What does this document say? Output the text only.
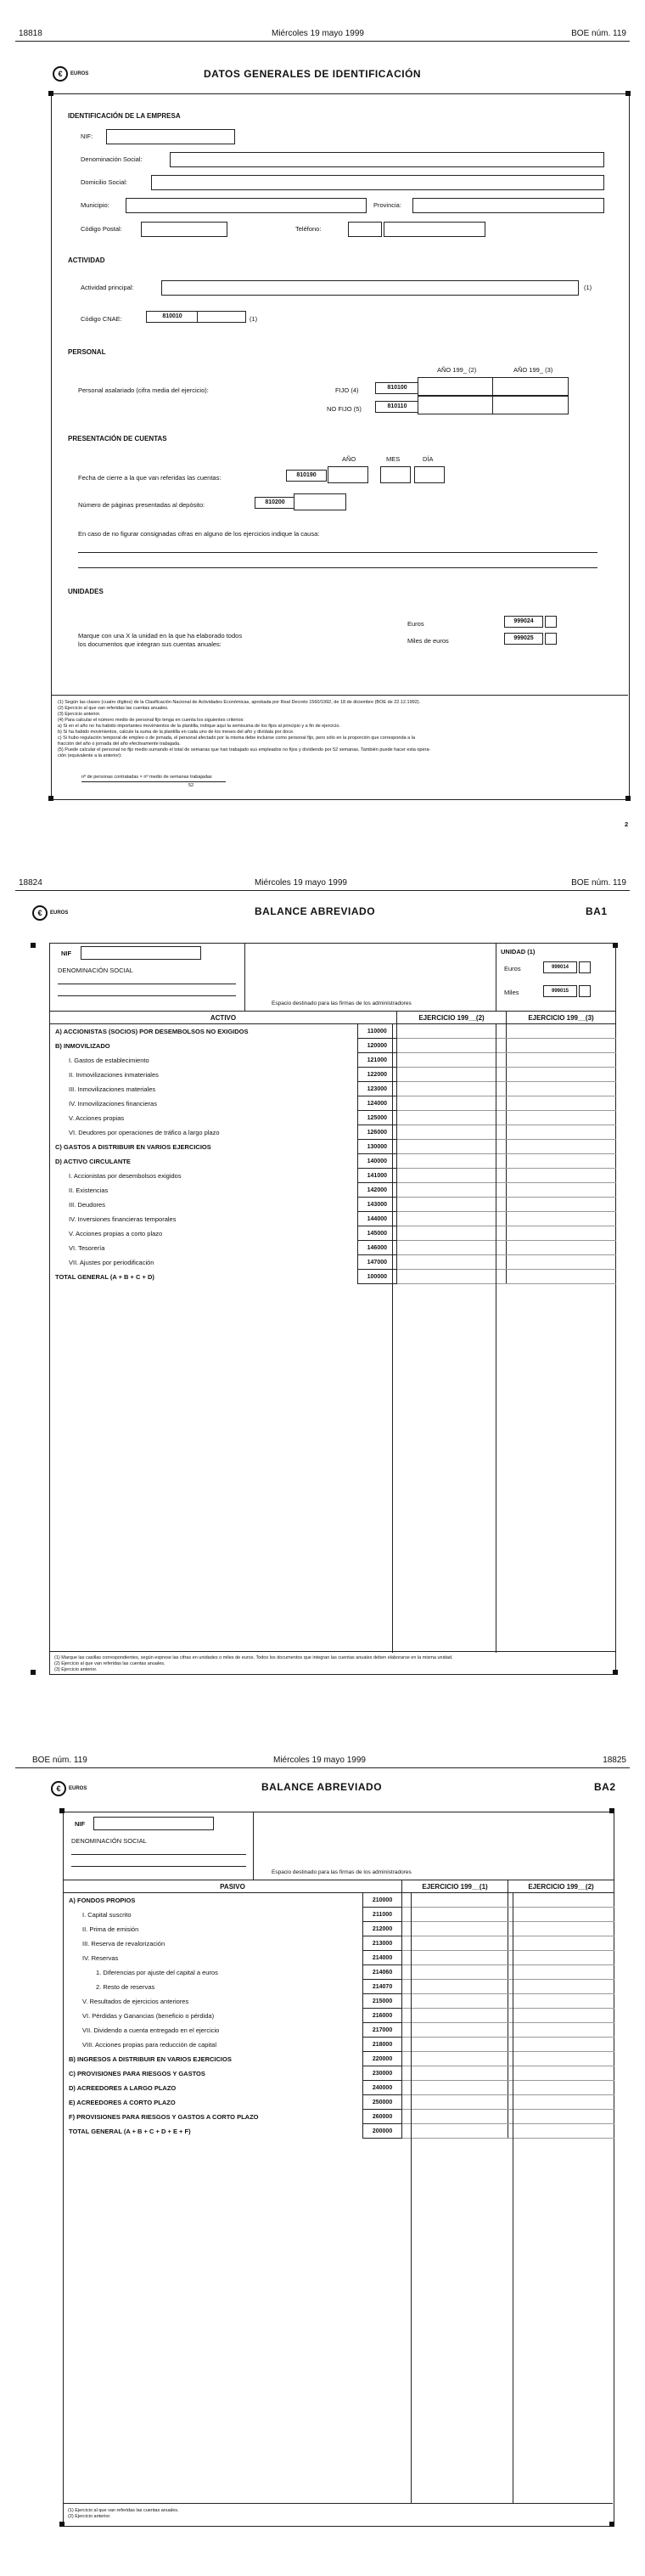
18818	Miércoles 19 mayo 1999	BOE núm. 119
€	EUROS	DATOS GENERALES DE IDENTIFICACIÓN
IDENTIFICACIÓN DE LA EMPRESA
NIF:
Denominación Social:
Domicilio Social:
Municipio:	Provincia:
Código Postal:	Teléfono:
ACTIVIDAD
Actividad principal:	(1)
Código CNAE:	810010	(1)
PERSONAL
AÑO 199_ (2)	AÑO 199_ (3)
Personal asalariado (cifra media del ejercicio):	FIJO (4)	810100
NO FIJO (5)	810110
PRESENTACIÓN DE CUENTAS
AÑO	MES	DÍA
Fecha de cierre a la que van referidas las cuentas:	810190
Número de páginas presentadas al depósito:	810200
En caso de no figurar consignadas cifras en alguno de los ejercicios indique la causa:
UNIDADES
Marque con una X la unidad en la que ha elaborado todos
los documentos que integran sus cuentas anuales:
Euros	999024
Miles de euros	999025
(1) Según las clases (cuatro dígitos) de la Clasificación Nacional de Actividades Económicas, aprobada por Real Decreto 1560/1992, de 18 de diciembre (BOE de 22.12.1992).
(2) Ejercicio al que van referidas las cuentas anuales.
(3) Ejercicio anterior.
(4) Para calcular el número medio de personal fijo tenga en cuenta los siguientes criterios:
a) Si en el año no ha habido importantes movimientos de la plantilla, indique aquí la semisuma de los fijos al principio y a fin de ejercicio.
b) Si ha habido movimientos, calcule la suma de la plantilla en cada uno de los meses del año y divídala por doce.
c) Si hubo regulación temporal de empleo o de jornada, el personal afectado por la misma debe incluirse como personal fijo, pero sólo en la proporción que corresponda a la
fracción del año o jornada del año efectivamente trabajada.
(5) Puede calcular el personal no fijo medio sumando el total de semanas que han trabajado sus empleados no fijos y dividiendo por 52 semanas. También puede hacer esta opera-
ción (equivalente a la anterior):
nº de personas contratadas × nº medio de semanas trabajadas
52
2
18824	Miércoles 19 mayo 1999	BOE núm. 119
€	EUROS	BALANCE ABREVIADO	BA1
NIF
DENOMINACIÓN SOCIAL
Espacio destinado para las firmas de los administradores
UNIDAD (1)
Euros	999014
Miles	999015
ACTIVO		EJERCICIO 199__(2)	EJERCICIO 199__(3)
A) ACCIONISTAS (SOCIOS) POR DESEMBOLSOS NO EXIGIDOS	110000		
B) INMOVILIZADO	120000		
I. Gastos de establecimiento	121000		
II. Inmovilizaciones inmateriales	122000		
III. Inmovilizaciones materiales	123000		
IV. Inmovilizaciones financieras	124000		
V. Acciones propias	125000		
VI. Deudores por operaciones de tráfico a largo plazo	126000		
C) GASTOS A DISTRIBUIR EN VARIOS EJERCICIOS	130000		
D) ACTIVO CIRCULANTE	140000		
I. Accionistas por desembolsos exigidos	141000		
II. Existencias	142000		
III. Deudores	143000		
IV. Inversiones financieras temporales	144000		
V. Acciones propias a corto plazo	145000		
VI. Tesorería	146000		
VII. Ajustes por periodificación	147000		
TOTAL GENERAL (A + B + C + D)	100000		
(1) Marque las casillas correspondientes, según exprese las cifras en unidades o miles de euros. Todos los documentos que integran las cuentas anuales deben elaborarse en la misma unidad.
(2) Ejercicio al que van referidas las cuentas anuales.
(3) Ejercicio anterior.
BOE núm. 119	Miércoles 19 mayo 1999	18825
€	EUROS	BALANCE ABREVIADO	BA2
NIF
DENOMINACIÓN SOCIAL
Espacio destinado para las firmas de los administradores
PASIVO		EJERCICIO 199__(1)	EJERCICIO 199__(2)
A) FONDOS PROPIOS	210000		
I. Capital suscrito	211000		
II. Prima de emisión	212000		
III. Reserva de revalorización	213000		
IV. Reservas	214000		
1. Diferencias por ajuste del capital a euros	214060		
2. Resto de reservas	214070		
V. Resultados de ejercicios anteriores	215000		
VI. Pérdidas y Ganancias (beneficio o pérdida)	216000		
VII. Dividendo a cuenta entregado en el ejercicio	217000		
VIII. Acciones propias para reducción de capital	218000		
B) INGRESOS A DISTRIBUIR EN VARIOS EJERCICIOS	220000		
C) PROVISIONES PARA RIESGOS Y GASTOS	230000		
D) ACREEDORES A LARGO PLAZO	240000		
E) ACREEDORES A CORTO PLAZO	250000		
F) PROVISIONES PARA RIESGOS Y GASTOS A CORTO PLAZO	260000		
TOTAL GENERAL (A + B + C + D + E + F)	200000		
(1) Ejercicio al que van referidas las cuentas anuales.
(2) Ejercicio anterior.
